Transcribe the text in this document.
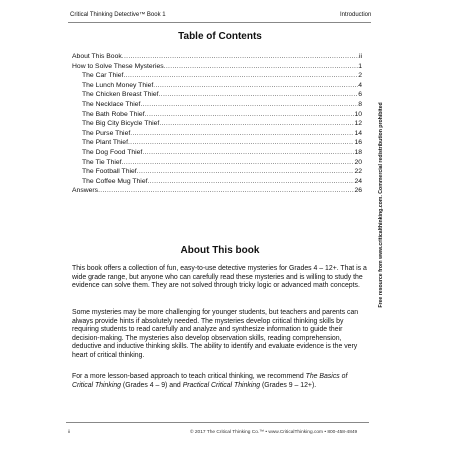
Critical Thinking Detective™ Book 1	Introduction
Table of Contents
About This Book .....	ii
How to Solve These Mysteries .....	1
The Car Thief .....	2
The Lunch Money Thief .....	4
The Chicken Breast Thief .....	6
The Necklace Thief .....	8
The Bath Robe Thief .....	10
The Big City Bicycle Thief .....	12
The Purse Thief .....	14
The Plant Thief .....	16
The Dog Food Thief .....	18
The Tie Thief .....	20
The Football Thief .....	22
The Coffee Mug Thief .....	24
Answers .....	26
About This book

This book offers a collection of fun, easy-to-use detective mysteries for Grades 4 – 12+. That is a wide grade range, but anyone who can carefully read these mysteries and is willing to study the evidence can solve them. They are not solved through tricky logic or advanced math concepts.

Some mysteries may be more challenging for younger students, but teachers and parents can always provide hints if absolutely needed. The mysteries develop critical thinking skills by requiring students to read carefully and analyze and synthesize information to guide their decision-making. The mysteries also develop observation skills, reading comprehension, deductive and inductive thinking skills. The ability to identify and evaluate evidence is the very heart of critical thinking.

For a more lesson-based approach to teach critical thinking, we recommend The Basics of Critical Thinking (Grades 4 – 9) and Practical Critical Thinking (Grades 9 – 12+).

Free resource from www.criticalthinking.com. Commercial redistribution prohibited
ii	© 2017 The Critical Thinking Co.™ • www.CriticalThinking.com • 800-458-4849
